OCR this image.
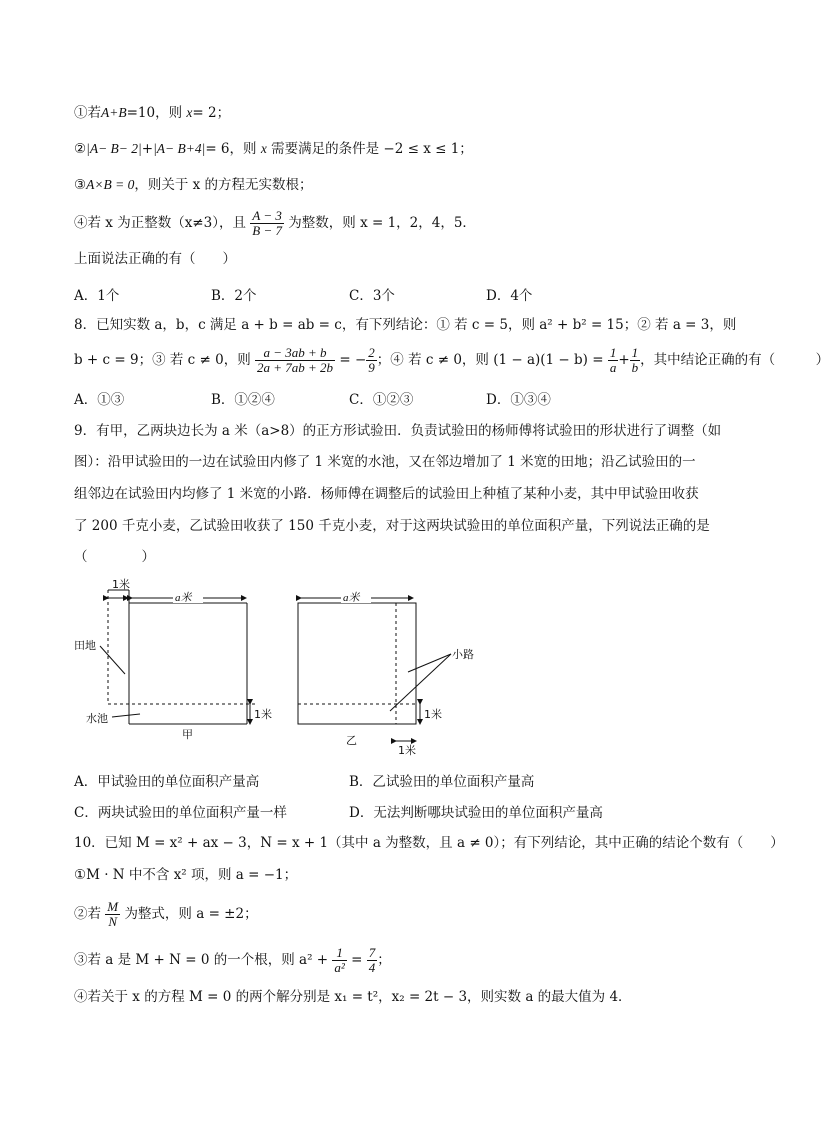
①若A+B=10，则 x= 2；
②|A− B− 2|+|A− B+4|= 6，则 x 需要满足的条件是 −2 ≤ x ≤ 1；
③A×B = 0，则关于 x 的方程无实数根；
④若 x 为正整数（x≠3），且 $\frac{A - 3}{B - 7}$ 为整数，则 x = 1，2，4，5．
上面说法正确的有（　　）
A．1个	B．2个	C．3个	D．4个
8．已知实数 a，b，c 满足 a + b = ab = c，有下列结论：① 若 c = 5，则 a² + b² = 15；② 若 a = 3，则
b + c = 9；③ 若 c ≠ 0，则 $\frac{a - 3ab + b}{2a + 7ab + 2b}$ = − $\frac{2}{9}$ ；④ 若 c ≠ 0，则 $(1 - a)(1 - b) = \frac{1}{a} + \frac{1}{b}$ ，其中结论正确的有（　　　）
A．①③	B．①②④	C．①②③	D．①③④
9．有甲，乙两块边长为 a 米（a>8）的正方形试验田．负责试验田的杨师傅将试验田的形状进行了调整（如
图）：沿甲试验田的一边在试验田内修了 1 米宽的水池，又在邻边增加了 1 米宽的田地；沿乙试验田的一
组邻边在试验田内均修了 1 米宽的小路．杨师傅在调整后的试验田上种植了某种小麦，其中甲试验田收获
了 200 千克小麦，乙试验田收获了 150 千克小麦，对于这两块试验田的单位面积产量，下列说法正确的是
（　　　　）
1米
a米
1米
田地
水池
甲
a米
1米
1米
小路
乙
A．甲试验田的单位面积产量高	B．乙试验田的单位面积产量高
C．两块试验田的单位面积产量一样	D．无法判断哪块试验田的单位面积产量高
10．已知 M = x² + ax − 3，N = x + 1（其中 a 为整数，且 a ≠ 0）；有下列结论，其中正确的结论个数有（　　）
①M · N 中不含 x² 项，则 a = −1；
②若 $\frac{M}{N}$ 为整式，则 a = ±2；
③若 a 是 M + N = 0 的一个根，则 $a^2 + \frac{1}{\text{a²}} = \frac{7}{4}$ ；
④若关于 x 的方程 M = 0 的两个解分别是 x₁ = t²，x₂ = 2t − 3，则实数 a 的最大值为 4．
